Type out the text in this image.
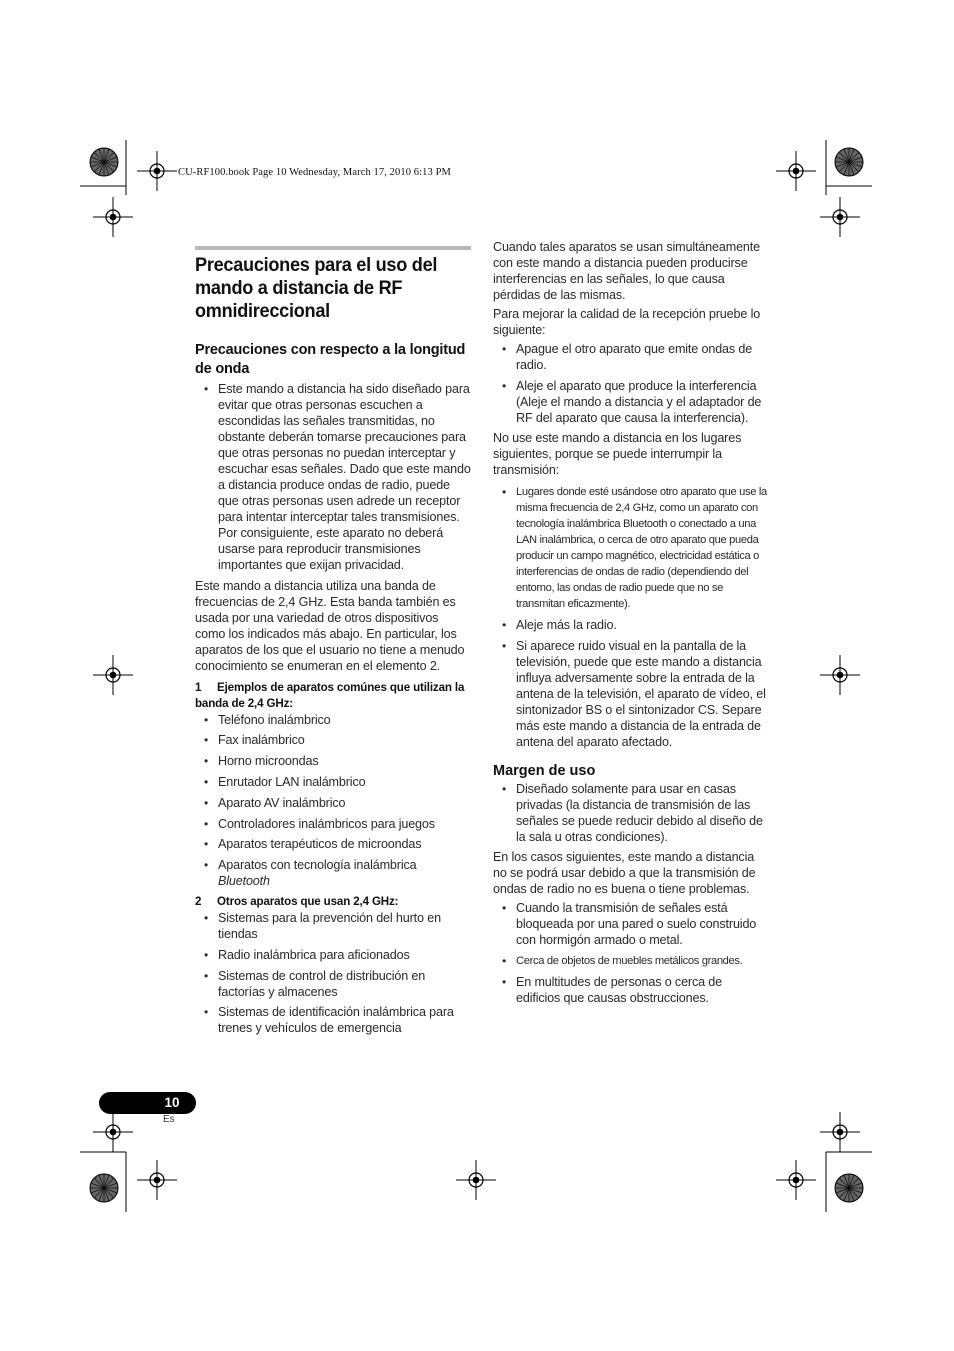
CU-RF100.book Page 10 Wednesday, March 17, 2010 6:13 PM
Precauciones para el uso del mando a distancia de RF omnidireccional
Precauciones con respecto a la longitud de onda
• Este mando a distancia ha sido diseñado para evitar que otras personas escuchen a escondidas las señales transmitidas, no obstante deberán tomarse precauciones para que otras personas no puedan interceptar y escuchar esas señales. Dado que este mando a distancia produce ondas de radio, puede que otras personas usen adrede un receptor para intentar interceptar tales transmisiones. Por consiguiente, este aparato no deberá usarse para reproducir transmisiones importantes que exijan privacidad.

Este mando a distancia utiliza una banda de frecuencias de 2,4 GHz. Esta banda también es usada por una variedad de otros dispositivos como los indicados más abajo. En particular, los aparatos de los que el usuario no tiene a menudo conocimiento se enumeran en el elemento 2.

1 Ejemplos de aparatos comúnes que utilizan la banda de 2,4 GHz:
• Teléfono inalámbrico
• Fax inalámbrico
• Horno microondas
• Enrutador LAN inalámbrico
• Aparato AV inalámbrico
• Controladores inalámbricos para juegos
• Aparatos terapéuticos de microondas
• Aparatos con tecnología inalámbrica
Bluetooth
2 Otros aparatos que usan 2,4 GHz:
• Sistemas para la prevención del hurto en tiendas
• Radio inalámbrica para aficionados
• Sistemas de control de distribución en factorías y almacenes
• Sistemas de identificación inalámbrica para trenes y vehículos de emergencia

Cuando tales aparatos se usan simultáneamente con este mando a distancia pueden producirse interferencias en las señales, lo que causa pérdidas de las mismas.

Para mejorar la calidad de la recepción pruebe lo siguiente:

• Apague el otro aparato que emite ondas de radio.
• Aleje el aparato que produce la interferencia (Aleje el mando a distancia y el adaptador de RF del aparato que causa la interferencia).

No use este mando a distancia en los lugares siguientes, porque se puede interrumpir la transmisión:

• Lugares donde esté usándose otro aparato que use la misma frecuencia de 2,4 GHz, como un aparato con tecnología inalámbrica Bluetooth o conectado a una LAN inalámbrica, o cerca de otro aparato que pueda producir un campo magnético, electricidad estática o interferencias de ondas de radio (dependiendo del entorno, las ondas de radio puede que no se transmitan eficazmente).
• Aleje más la radio.
• Si aparece ruido visual en la pantalla de la televisión, puede que este mando a distancia influya adversamente sobre la entrada de la antena de la televisión, el aparato de vídeo, el sintonizador BS o el sintonizador CS. Separe más este mando a distancia de la entrada de antena del aparato afectado.
Margen de uso
• Diseñado solamente para usar en casas privadas (la distancia de transmisión de las señales se puede reducir debido al diseño de la sala u otras condiciones).

En los casos siguientes, este mando a distancia no se podrá usar debido a que la transmisión de ondas de radio no es buena o tiene problemas.

• Cuando la transmisión de señales está bloqueada por una pared o suelo construido con hormigón armado o metal.
• Cerca de objetos de muebles metálicos grandes.
• En multitudes de personas o cerca de edificios que causas obstrucciones.
10
Es
